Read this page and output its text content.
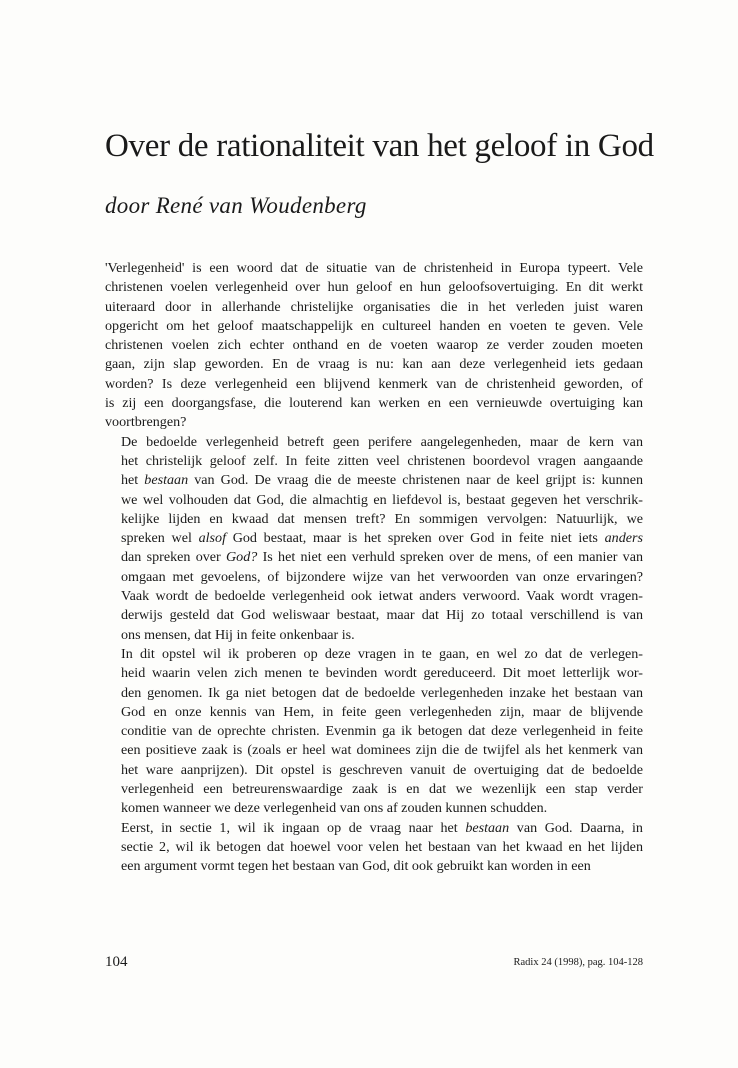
Over de rationaliteit van het geloof in God
door René van Woudenberg

'Verlegenheid' is een woord dat de situatie van de christenheid in Europa typeert. Vele
christenen voelen verlegenheid over hun geloof en hun geloofsovertuiging. En dit werkt
uiteraard door in allerhande christelijke organisaties die in het verleden juist waren
opgericht om het geloof maatschappelijk en cultureel handen en voeten te geven. Vele
christenen voelen zich echter onthand en de voeten waarop ze verder zouden moeten
gaan, zijn slap geworden. En de vraag is nu: kan aan deze verlegenheid iets gedaan
worden? Is deze verlegenheid een blijvend kenmerk van de christenheid geworden, of
is zij een doorgangsfase, die louterend kan werken en een vernieuwde overtuiging kan
voortbrengen?

De bedoelde verlegenheid betreft geen perifere aangelegenheden, maar de kern van
het christelijk geloof zelf. In feite zitten veel christenen boordevol vragen aangaande
het bestaan van God. De vraag die de meeste christenen naar de keel grijpt is: kunnen
we wel volhouden dat God, die almachtig en liefdevol is, bestaat gegeven het verschrik-
kelijke lijden en kwaad dat mensen treft? En sommigen vervolgen: Natuurlijk, we
spreken wel alsof God bestaat, maar is het spreken over God in feite niet iets anders
dan spreken over God? Is het niet een verhuld spreken over de mens, of een manier van
omgaan met gevoelens, of bijzondere wijze van het verwoorden van onze ervaringen?
Vaak wordt de bedoelde verlegenheid ook ietwat anders verwoord. Vaak wordt vragen-
derwijs gesteld dat God weliswaar bestaat, maar dat Hij zo totaal verschillend is van
ons mensen, dat Hij in feite onkenbaar is.

In dit opstel wil ik proberen op deze vragen in te gaan, en wel zo dat de verlegen-
heid waarin velen zich menen te bevinden wordt gereduceerd. Dit moet letterlijk wor-
den genomen. Ik ga niet betogen dat de bedoelde verlegenheden inzake het bestaan van
God en onze kennis van Hem, in feite geen verlegenheden zijn, maar de blijvende
conditie van de oprechte christen. Evenmin ga ik betogen dat deze verlegenheid in feite
een positieve zaak is (zoals er heel wat dominees zijn die de twijfel als het kenmerk van
het ware aanprijzen). Dit opstel is geschreven vanuit de overtuiging dat de bedoelde
verlegenheid een betreurenswaardige zaak is en dat we wezenlijk een stap verder
komen wanneer we deze verlegenheid van ons af zouden kunnen schudden.

Eerst, in sectie 1, wil ik ingaan op de vraag naar het bestaan van God. Daarna, in
sectie 2, wil ik betogen dat hoewel voor velen het bestaan van het kwaad en het lijden
een argument vormt tegen het bestaan van God, dit ook gebruikt kan worden in een

104	Radix 24 (1998), pag. 104-128
